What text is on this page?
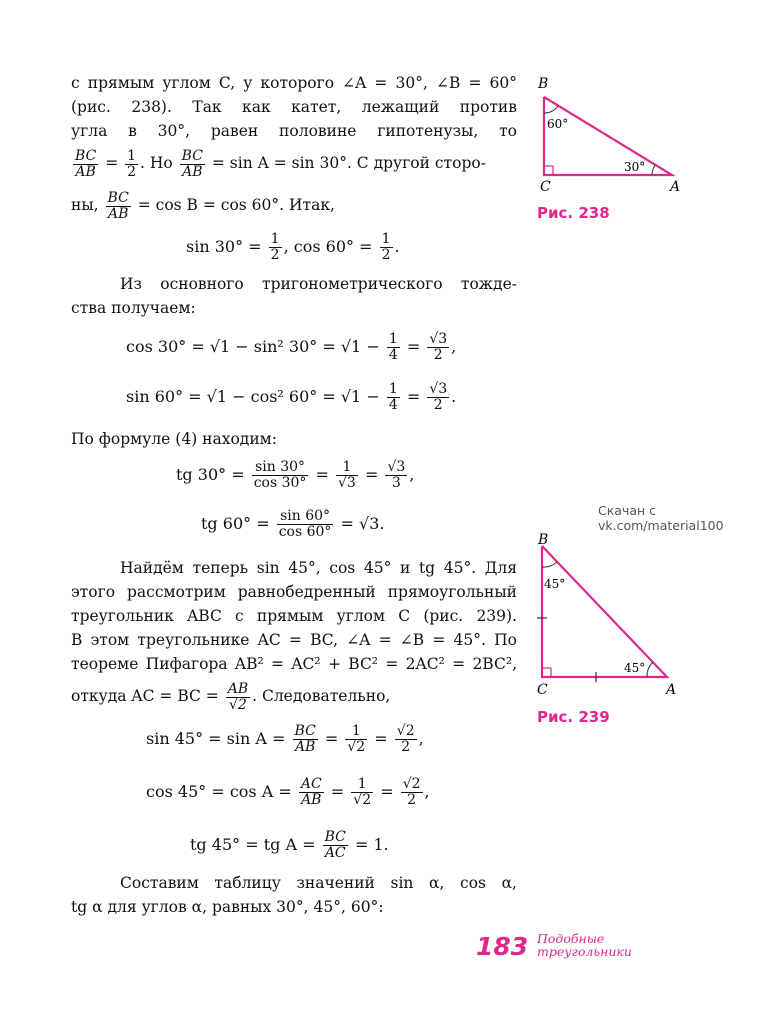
с прямым углом C, у которого ∠A = 30°, ∠B = 60°
(рис. 238). Так как катет, лежащий против
угла в 30°, равен половине гипотенузы, то
$\frac{BC}{AB} = \frac{1}{2}$ . Но $\frac{BC}{AB} = \sin A = \sin 30^\circ$. С другой сторо-
ны, $\frac{BC}{AB} = \cos B = \cos 60^\circ$. Итак,
$\sin 30^\circ = \frac{1}{2}$ , $\cos 60^\circ = \frac{1}{2}$ .
Из основного тригонометрического тожде-
ства получаем:
cos 30° = √1 − sin² $30^\circ = √1 - \frac{1}{4} = \frac{√3}{2}$ ,
sin 60° = √1 − cos² $60^\circ = √1 - \frac{1}{4} = \frac{√3}{2}$ .
По формуле (4) находим:
tg $30^\circ = \frac{\sin 30^\circ}{\cos 30^\circ} = \frac{1}{√3} = \frac{√3}{3}$ ,
tg $60^\circ = \frac{\sin 60^\circ}{\cos 60^\circ} = √3$.
Найдём теперь sin 45°, cos 45° и tg 45°. Для
этого рассмотрим равнобедренный прямоугольный
треугольник ABC с прямым углом C (рис. 239).
В этом треугольнике AC = BC, ∠A = ∠B = 45°. По
теореме Пифагора AB² = AC² + BC² = 2AC² = 2BC²,
откуда AC = BC = $\frac{AB}{√2}$ . Следовательно,
$\sin 45^\circ = \sin A = \frac{BC}{AB} = \frac{1}{√2} = \frac{√2}{2}$ ,
$\cos 45^\circ = \cos A = \frac{AC}{AB} = \frac{1}{√2} = \frac{√2}{2}$ ,
tg 45° = tg $A = \frac{BC}{AC} = 1$.
Составим таблицу значений sin α, cos α,
tg α для углов α, равных 30°, 45°, 60°:
B
C	A
60°
30°
Рис. 238
Скачан с vk.com/material100
B
C	A
45°
45°
Рис. 239
183 Подобные
треугольники
